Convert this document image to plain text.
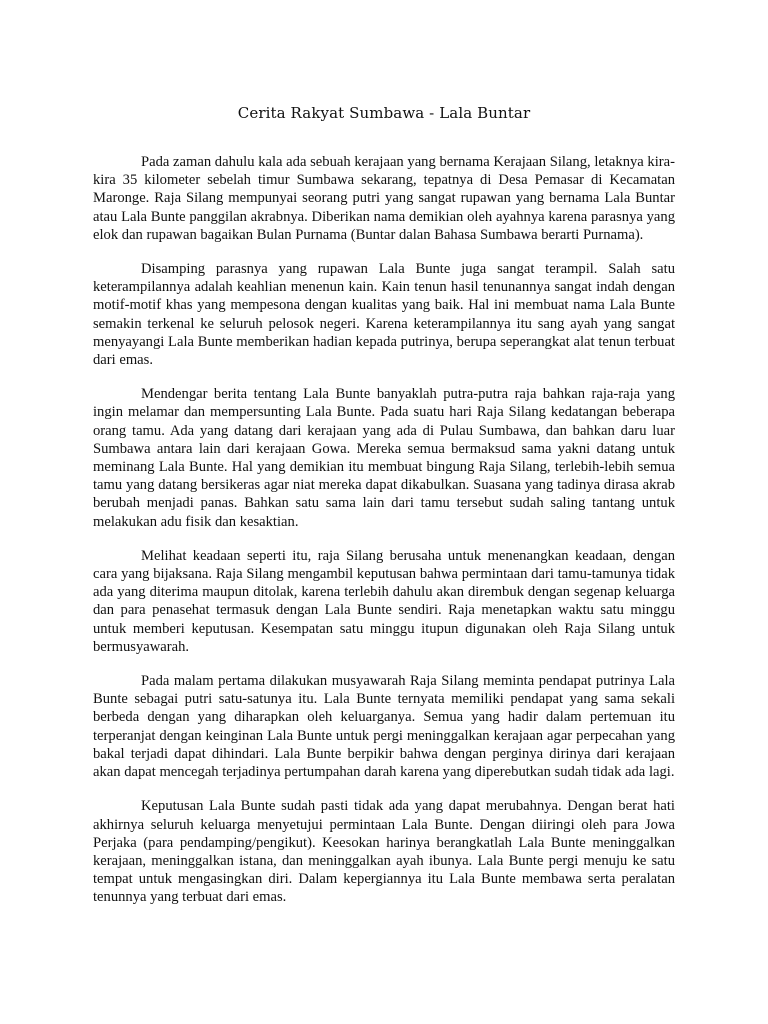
Cerita Rakyat Sumbawa - Lala Buntar

Pada zaman dahulu kala ada sebuah kerajaan yang bernama Kerajaan Silang, letaknya kira-kira 35 kilometer sebelah timur Sumbawa sekarang, tepatnya di Desa Pemasar di Kecamatan Maronge. Raja Silang mempunyai seorang putri yang sangat rupawan yang bernama Lala Buntar atau Lala Bunte panggilan akrabnya. Diberikan nama demikian oleh ayahnya karena parasnya yang elok dan rupawan bagaikan Bulan Purnama (Buntar dalan Bahasa Sumbawa berarti Purnama).

Disamping parasnya yang rupawan Lala Bunte juga sangat terampil. Salah satu keterampilannya adalah keahlian menenun kain. Kain tenun hasil tenunannya sangat indah dengan motif-motif khas yang mempesona dengan kualitas yang baik. Hal ini membuat nama Lala Bunte semakin terkenal ke seluruh pelosok negeri. Karena keterampilannya itu sang ayah yang sangat menyayangi Lala Bunte memberikan hadian kepada putrinya, berupa seperangkat alat tenun terbuat dari emas.

Mendengar berita tentang Lala Bunte banyaklah putra-putra raja bahkan raja-raja yang ingin melamar dan mempersunting Lala Bunte. Pada suatu hari Raja Silang kedatangan beberapa orang tamu. Ada yang datang dari kerajaan yang ada di Pulau Sumbawa, dan bahkan daru luar Sumbawa antara lain dari kerajaan Gowa. Mereka semua bermaksud sama yakni datang untuk meminang Lala Bunte. Hal yang demikian itu membuat bingung Raja Silang, terlebih-lebih semua tamu yang datang bersikeras agar niat mereka dapat dikabulkan. Suasana yang tadinya dirasa akrab berubah menjadi panas. Bahkan satu sama lain dari tamu tersebut sudah saling tantang untuk melakukan adu fisik dan kesaktian.

Melihat keadaan seperti itu, raja Silang berusaha untuk menenangkan keadaan, dengan cara yang bijaksana. Raja Silang mengambil keputusan bahwa permintaan dari tamu-tamunya tidak ada yang diterima maupun ditolak, karena terlebih dahulu akan dirembuk dengan segenap keluarga dan para penasehat termasuk dengan Lala Bunte sendiri. Raja menetapkan waktu satu minggu untuk memberi keputusan. Kesempatan satu minggu itupun digunakan oleh Raja Silang untuk bermusyawarah.

Pada malam pertama dilakukan musyawarah Raja Silang meminta pendapat putrinya Lala Bunte sebagai putri satu-satunya itu. Lala Bunte ternyata memiliki pendapat yang sama sekali berbeda dengan yang diharapkan oleh keluarganya. Semua yang hadir dalam pertemuan itu terperanjat dengan keinginan Lala Bunte untuk pergi meninggalkan kerajaan agar perpecahan yang bakal terjadi dapat dihindari. Lala Bunte berpikir bahwa dengan perginya dirinya dari kerajaan akan dapat mencegah terjadinya pertumpahan darah karena yang diperebutkan sudah tidak ada lagi.

Keputusan Lala Bunte sudah pasti tidak ada yang dapat merubahnya. Dengan berat hati akhirnya seluruh keluarga menyetujui permintaan Lala Bunte. Dengan diiringi oleh para Jowa Perjaka (para pendamping/pengikut). Keesokan harinya berangkatlah Lala Bunte meninggalkan kerajaan, meninggalkan istana, dan meninggalkan ayah ibunya. Lala Bunte pergi menuju ke satu tempat untuk mengasingkan diri. Dalam kepergiannya itu Lala Bunte membawa serta peralatan tenunnya yang terbuat dari emas.
